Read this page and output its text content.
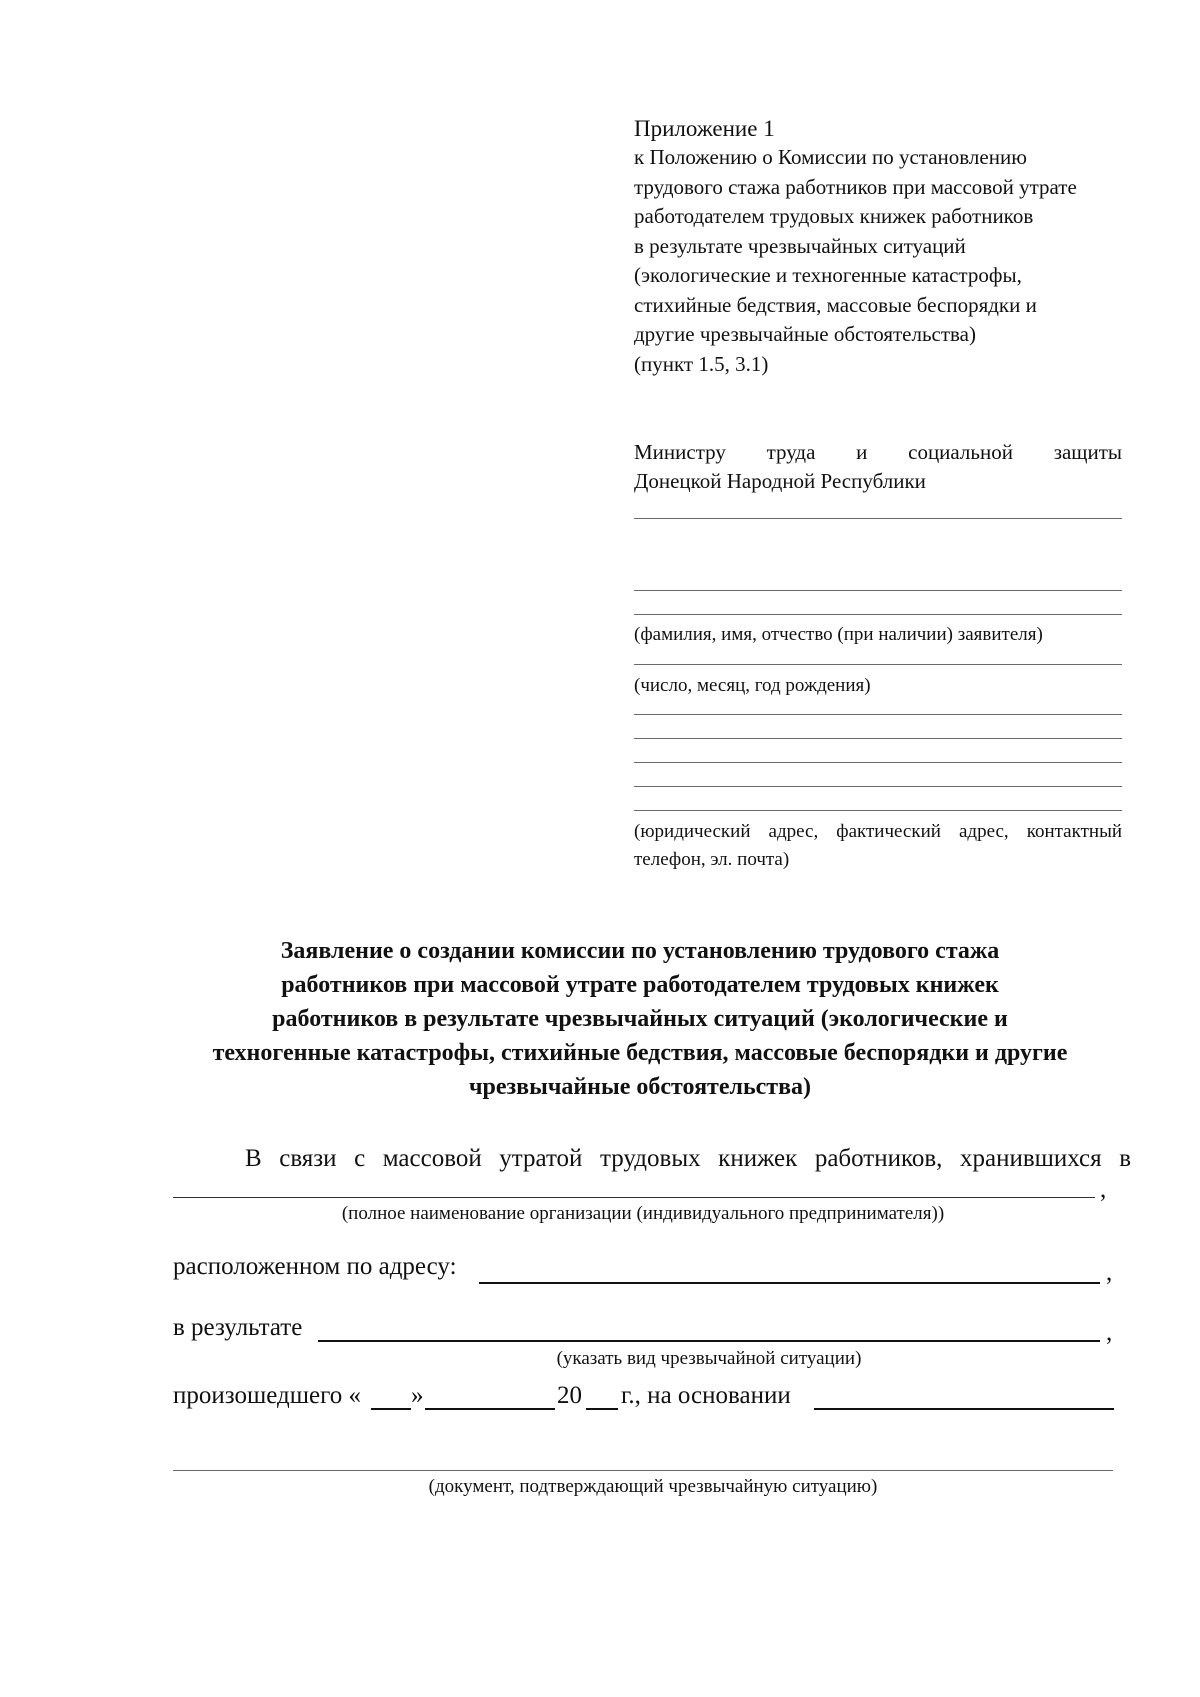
Приложение 1
к Положению о Комиссии по установлению
трудового стажа работников при массовой утрате
работодателем трудовых книжек работников
в результате чрезвычайных ситуаций
(экологические и техногенные катастрофы,
стихийные бедствия, массовые беспорядки и
другие чрезвычайные обстоятельства)
(пункт 1.5, 3.1)
Министру труда и социальной защиты
Донецкой Народной Республики
(фамилия, имя, отчество (при наличии) заявителя)
(число, месяц, год рождения)
(юридический адрес, фактический адрес, контактный телефон, эл. почта)
Заявление о создании комиссии по установлению трудового стажа
работников при массовой утрате работодателем трудовых книжек
работников в результате чрезвычайных ситуаций (экологические и
техногенные катастрофы, стихийные бедствия, массовые беспорядки и другие
чрезвычайные обстоятельства)
В связи с массовой утратой трудовых книжек работников, хранившихся в
,
(полное наименование организации (индивидуального предпринимателя))
расположенном по адресу:	,
в результате	,
(указать вид чрезвычайной ситуации)
произошедшего « »	20 г., на основании
(документ, подтверждающий чрезвычайную ситуацию)
